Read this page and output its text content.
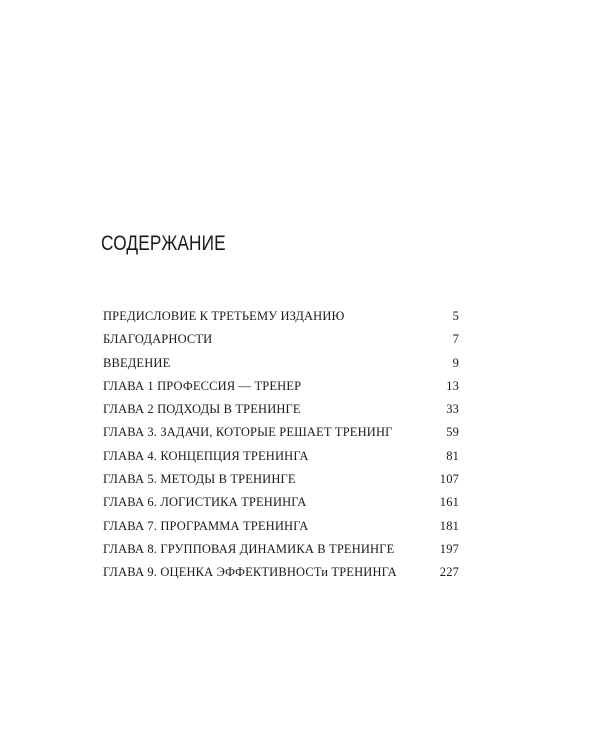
СОДЕРЖАНИЕ
ПРЕДИСЛОВИЕ К ТРЕТЬЕМУ ИЗДАНИЮ	5
БЛАГОДАРНОСТИ	7
ВВЕДЕНИЕ	9
ГЛАВА 1 ПРОФЕССИЯ — ТРЕНЕР	13
ГЛАВА 2 ПОДХОДЫ В ТРЕНИНГЕ	33
ГЛАВА 3. ЗАДАЧИ, КОТОРЫЕ РЕШАЕТ ТРЕНИНГ	59
ГЛАВА 4. КОНЦЕПЦИЯ ТРЕНИНГА	81
ГЛАВА 5. МЕТОДЫ В ТРЕНИНГЕ	107
ГЛАВА 6. ЛОГИСТИКА ТРЕНИНГА	161
ГЛАВА 7. ПРОГРАММА ТРЕНИНГА	181
ГЛАВА 8. ГРУППОВАЯ ДИНАМИКА В ТРЕНИНГЕ	197
ГЛАВА 9. ОЦЕНКА ЭФФЕКТИВНОСТи ТРЕНИНГА	227
